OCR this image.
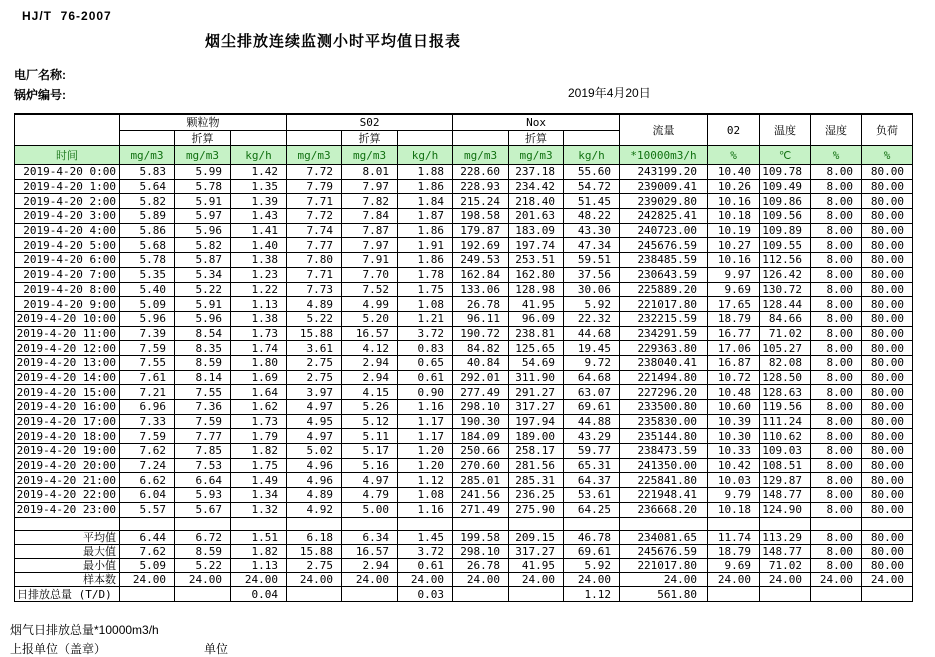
HJ/T  76-2007
烟尘排放连续监测小时平均值日报表
电厂名称:
锅炉编号:	2019年4月20日
	颗粒物			S02			Nox			流量	02	温度	湿度	负荷
		折算			折算			折算						
时间	mg/m3	mg/m3	kg/h	mg/m3	mg/m3	kg/h	mg/m3	mg/m3	kg/h	*10000m3/h	%	℃	%	%
2019-4-20 0:00	5.83	5.99	1.42	7.72	8.01	1.88	228.60	237.18	55.60	243199.20	10.40	109.78	8.00	80.00
2019-4-20 1:00	5.64	5.78	1.35	7.79	7.97	1.86	228.93	234.42	54.72	239009.41	10.26	109.49	8.00	80.00
2019-4-20 2:00	5.82	5.91	1.39	7.71	7.82	1.84	215.24	218.40	51.45	239029.80	10.16	109.86	8.00	80.00
2019-4-20 3:00	5.89	5.97	1.43	7.72	7.84	1.87	198.58	201.63	48.22	242825.41	10.18	109.56	8.00	80.00
2019-4-20 4:00	5.86	5.96	1.41	7.74	7.87	1.86	179.87	183.09	43.30	240723.00	10.19	109.89	8.00	80.00
2019-4-20 5:00	5.68	5.82	1.40	7.77	7.97	1.91	192.69	197.74	47.34	245676.59	10.27	109.55	8.00	80.00
2019-4-20 6:00	5.78	5.87	1.38	7.80	7.91	1.86	249.53	253.51	59.51	238485.59	10.16	112.56	8.00	80.00
2019-4-20 7:00	5.35	5.34	1.23	7.71	7.70	1.78	162.84	162.80	37.56	230643.59	9.97	126.42	8.00	80.00
2019-4-20 8:00	5.40	5.22	1.22	7.73	7.52	1.75	133.06	128.98	30.06	225889.20	9.69	130.72	8.00	80.00
2019-4-20 9:00	5.09	5.91	1.13	4.89	4.99	1.08	26.78	41.95	5.92	221017.80	17.65	128.44	8.00	80.00
2019-4-20 10:00	5.96	5.96	1.38	5.22	5.20	1.21	96.11	96.09	22.32	232215.59	18.79	84.66	8.00	80.00
2019-4-20 11:00	7.39	8.54	1.73	15.88	16.57	3.72	190.72	238.81	44.68	234291.59	16.77	71.02	8.00	80.00
2019-4-20 12:00	7.59	8.35	1.74	3.61	4.12	0.83	84.82	125.65	19.45	229363.80	17.06	105.27	8.00	80.00
2019-4-20 13:00	7.55	8.59	1.80	2.75	2.94	0.65	40.84	54.69	9.72	238040.41	16.87	82.08	8.00	80.00
2019-4-20 14:00	7.61	8.14	1.69	2.75	2.94	0.61	292.01	311.90	64.68	221494.80	10.72	128.50	8.00	80.00
2019-4-20 15:00	7.21	7.55	1.64	3.97	4.15	0.90	277.49	291.27	63.07	227296.20	10.48	128.63	8.00	80.00
2019-4-20 16:00	6.96	7.36	1.62	4.97	5.26	1.16	298.10	317.27	69.61	233500.80	10.60	119.56	8.00	80.00
2019-4-20 17:00	7.33	7.59	1.73	4.95	5.12	1.17	190.30	197.94	44.88	235830.00	10.39	111.24	8.00	80.00
2019-4-20 18:00	7.59	7.77	1.79	4.97	5.11	1.17	184.09	189.00	43.29	235144.80	10.30	110.62	8.00	80.00
2019-4-20 19:00	7.62	7.85	1.82	5.02	5.17	1.20	250.66	258.17	59.77	238473.59	10.33	109.03	8.00	80.00
2019-4-20 20:00	7.24	7.53	1.75	4.96	5.16	1.20	270.60	281.56	65.31	241350.00	10.42	108.51	8.00	80.00
2019-4-20 21:00	6.62	6.64	1.49	4.96	4.97	1.12	285.01	285.31	64.37	225841.80	10.03	129.87	8.00	80.00
2019-4-20 22:00	6.04	5.93	1.34	4.89	4.79	1.08	241.56	236.25	53.61	221948.41	9.79	148.77	8.00	80.00
2019-4-20 23:00	5.57	5.67	1.32	4.92	5.00	1.16	271.49	275.90	64.25	236668.20	10.18	124.90	8.00	80.00

平均值	6.44	6.72	1.51	6.18	6.34	1.45	199.58	209.15	46.78	234081.65	11.74	113.29	8.00	80.00
最大值	7.62	8.59	1.82	15.88	16.57	3.72	298.10	317.27	69.61	245676.59	18.79	148.77	8.00	80.00
最小值	5.09	5.22	1.13	2.75	2.94	0.61	26.78	41.95	5.92	221017.80	9.69	71.02	8.00	80.00
样本数	24.00	24.00	24.00	24.00	24.00	24.00	24.00	24.00	24.00	24.00	24.00	24.00	24.00	24.00
日排放总量 (T/D)			0.04			0.03			1.12	561.80				
烟气日排放总量*10000m3/h
上报单位（盖章）	单位
